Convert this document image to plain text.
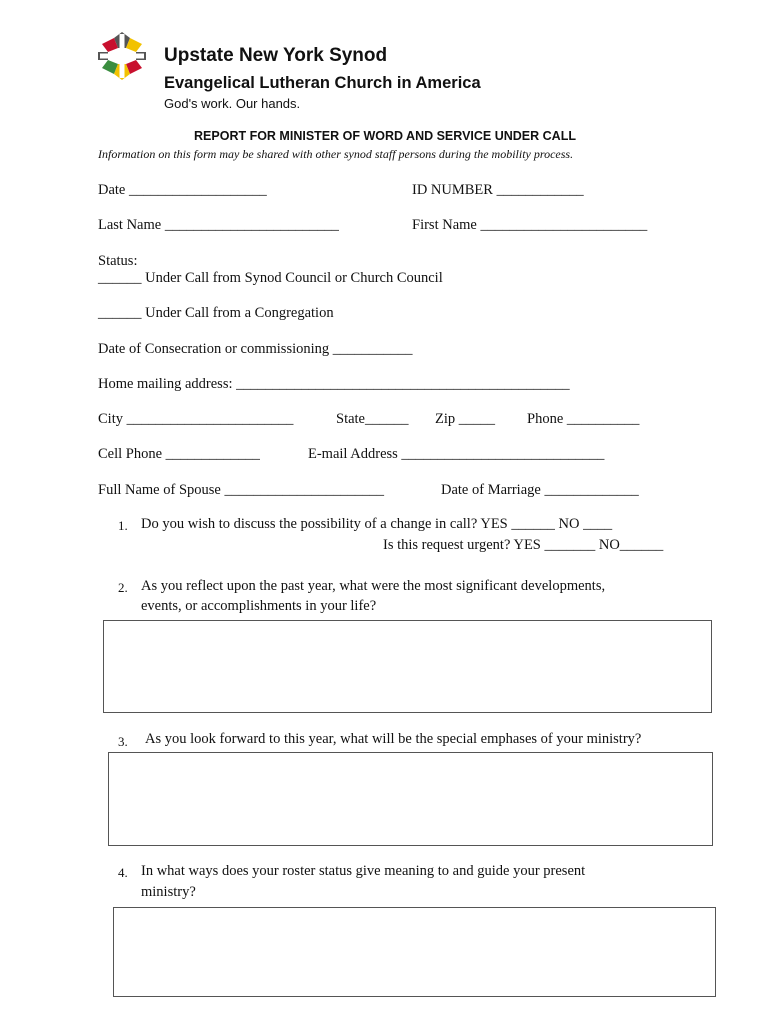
Upstate New York Synod
Evangelical Lutheran Church in America
God's work. Our hands.
REPORT FOR MINISTER OF WORD AND SERVICE UNDER CALL
Information on this form may be shared with other synod staff persons during the mobility process.
Date ___________________	ID NUMBER ____________
Last Name ________________________	First Name _______________________
Status:
______ Under Call from Synod Council or Church Council
______ Under Call from a Congregation
Date of Consecration or commissioning ___________
Home mailing address: ______________________________________________
City _______________________	State______ Zip _____ Phone __________
Cell Phone _____________	E-mail Address ____________________________
Full Name of Spouse ______________________	Date of Marriage _____________
1. Do you wish to discuss the possibility of a change in call? YES ______ NO ____
Is this request urgent? YES _______ NO______
2. As you reflect upon the past year, what were the most significant developments,
events, or accomplishments in your life?
3. As you look forward to this year, what will be the special emphases of your ministry?
4. In what ways does your roster status give meaning to and guide your present
ministry?
